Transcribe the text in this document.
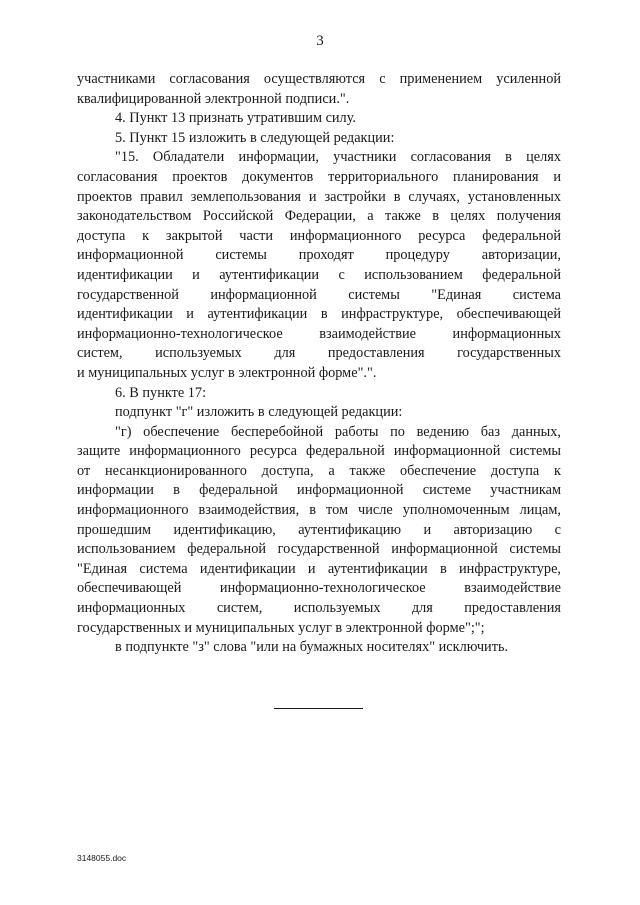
3

участниками согласования осуществляются с применением усиленной

квалифицированной электронной подписи.".

4. Пункт 13 признать утратившим силу.

5. Пункт 15 изложить в следующей редакции:

"15. Обладатели информации, участники согласования в целях

согласования проектов документов территориального планирования и

проектов правил землепользования и застройки в случаях, установленных

законодательством Российской Федерации, а также в целях получения

доступа к закрытой части информационного ресурса федеральной

информационной системы проходят процедуру авторизации,

идентификации и аутентификации с использованием федеральной

государственной информационной системы "Единая система

идентификации и аутентификации в инфраструктуре, обеспечивающей

информационно-технологическое взаимодействие информационных

систем, используемых для предоставления государственных

и муниципальных услуг в электронной форме".".

6. В пункте 17:

подпункт "г" изложить в следующей редакции:

"г) обеспечение бесперебойной работы по ведению баз данных,

защите информационного ресурса федеральной информационной системы

от несанкционированного доступа, а также обеспечение доступа к

информации в федеральной информационной системе участникам

информационного взаимодействия, в том числе уполномоченным лицам,

прошедшим идентификацию, аутентификацию и авторизацию с

использованием федеральной государственной информационной системы

"Единая система идентификации и аутентификации в инфраструктуре,

обеспечивающей информационно-технологическое взаимодействие

информационных систем, используемых для предоставления

государственных и муниципальных услуг в электронной форме";";

в подпункте "з" слова "или на бумажных носителях" исключить.

3148055.doc
